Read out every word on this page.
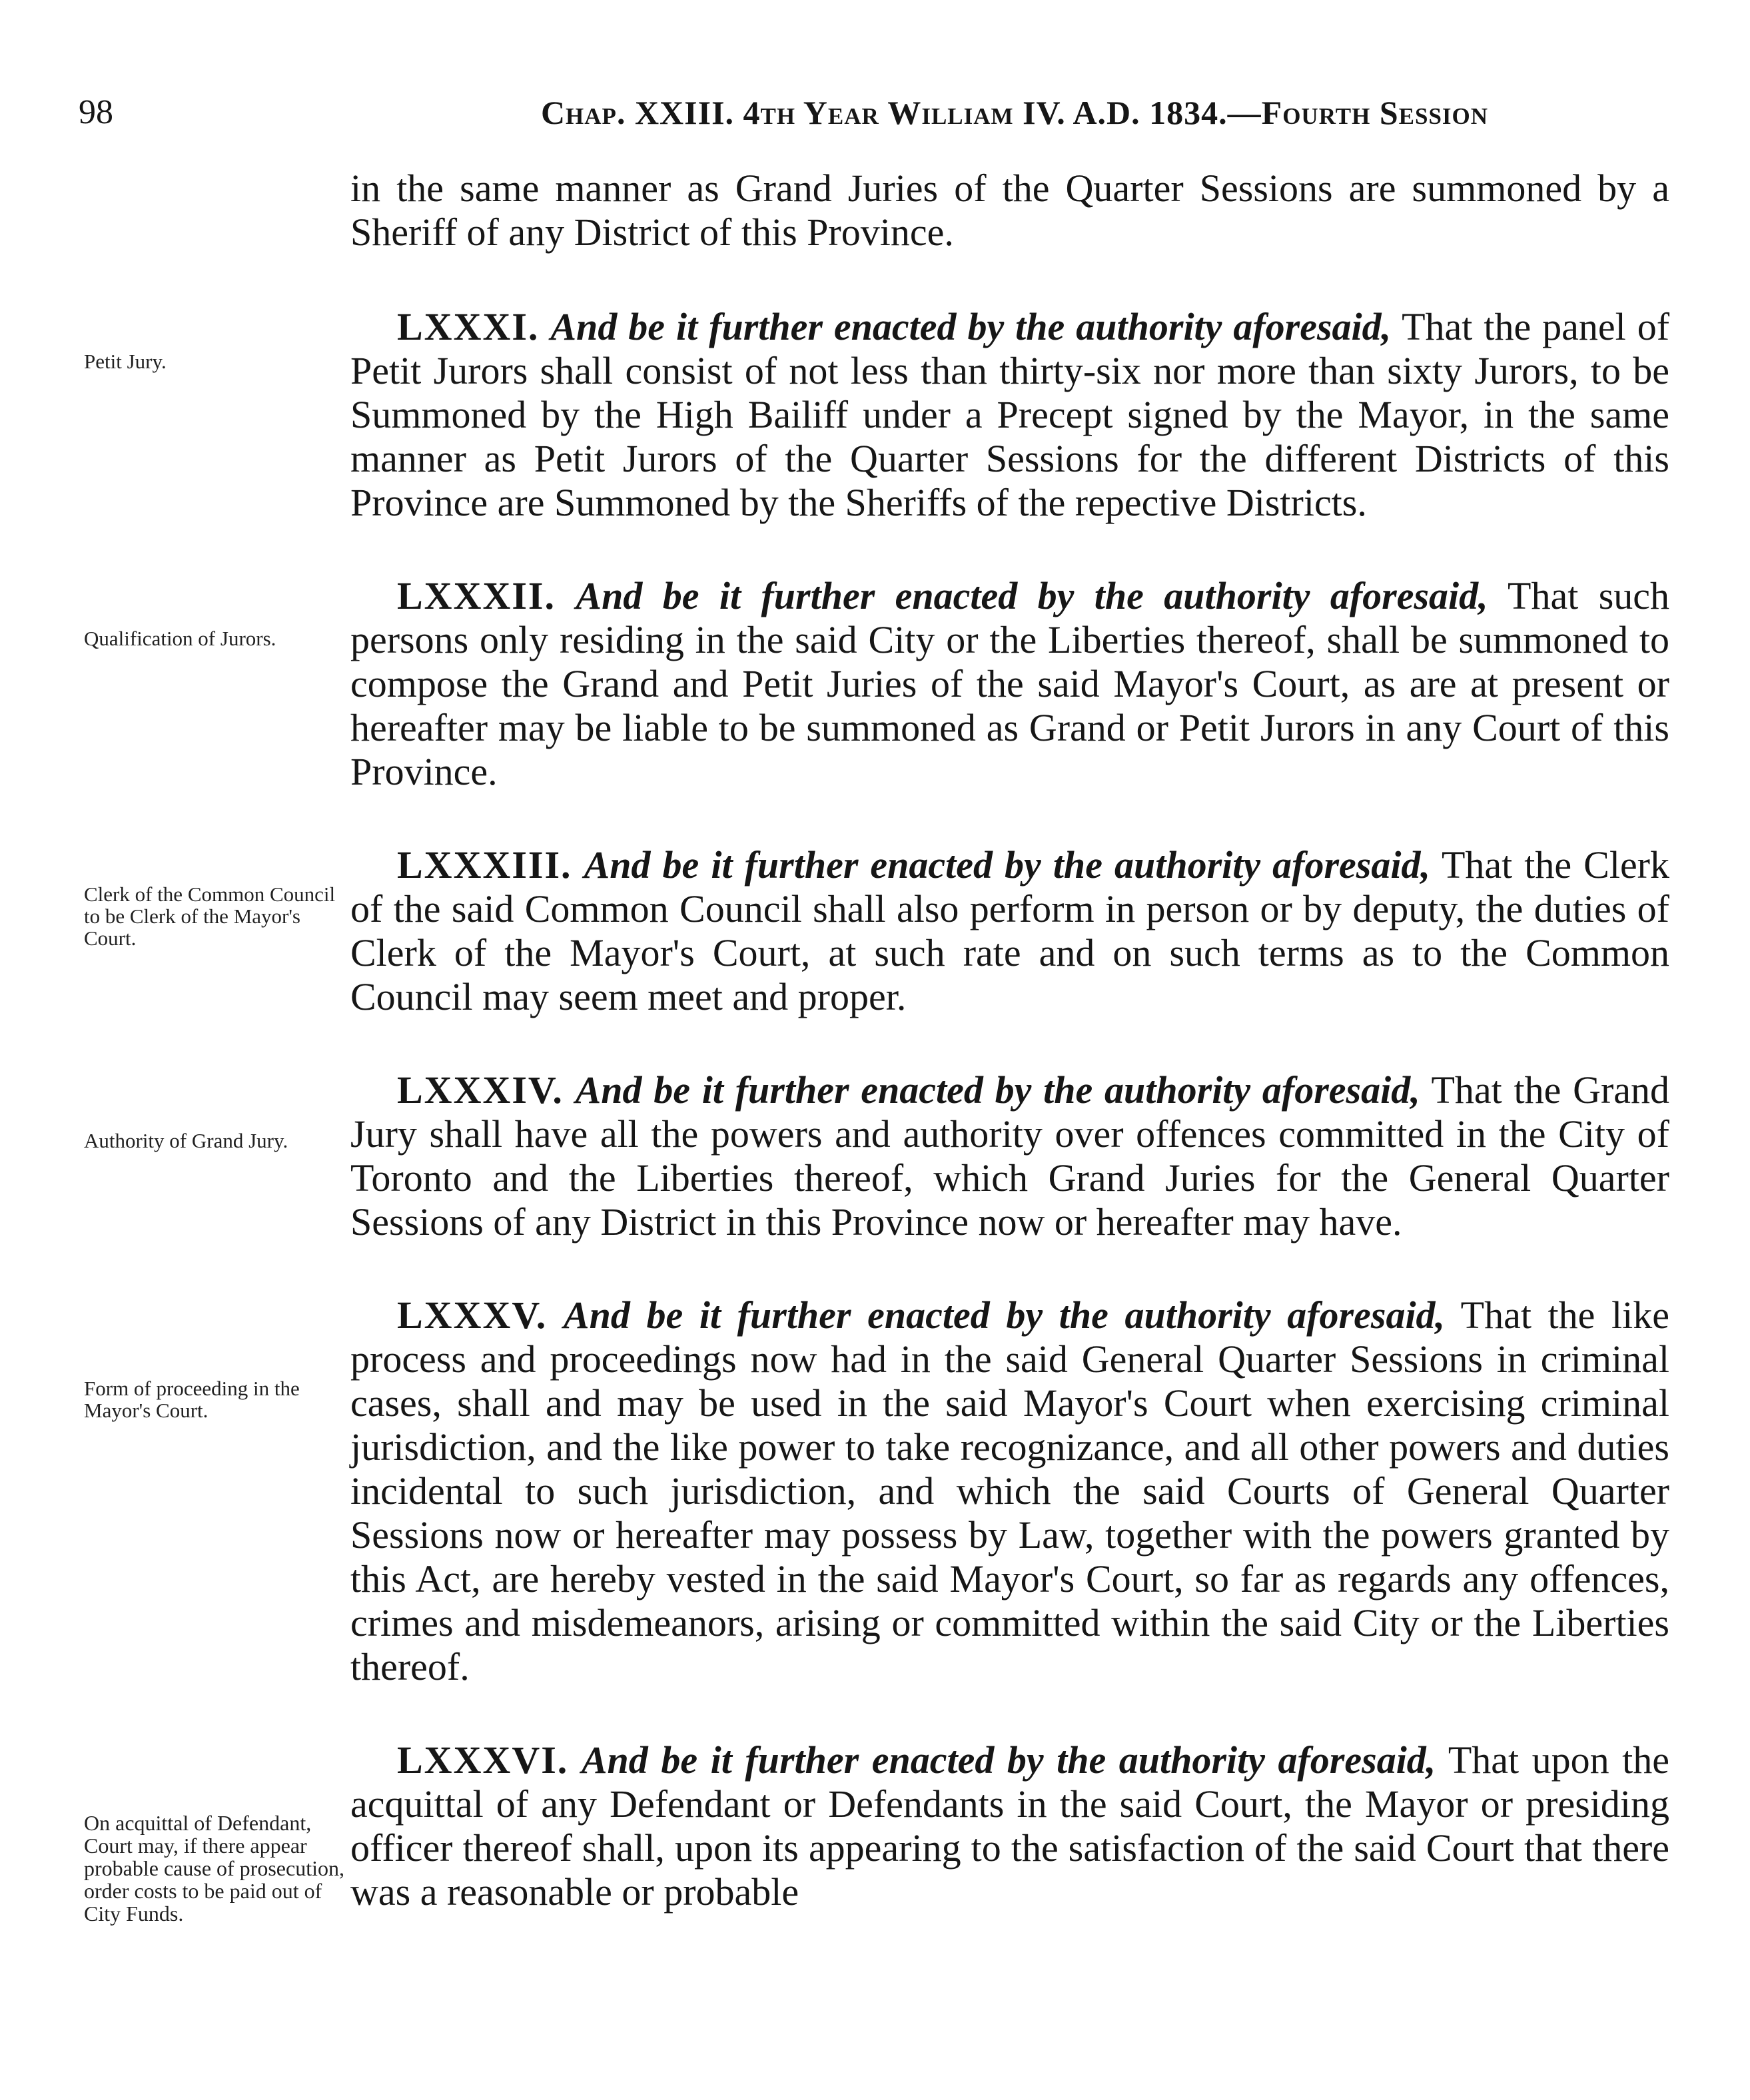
98	Chap. XXIII. 4th Year William IV. A.D. 1834.—Fourth Session
Petit Jury.
Qualification of Jurors.
Clerk of the Common Council to be Clerk of the Mayor's Court.
Authority of Grand Jury.
Form of proceeding in the Mayor's Court.
On acquittal of Defendant, Court may, if there appear probable cause of prosecution, order costs to be paid out of City Funds.

in the same manner as Grand Juries of the Quarter Sessions are summoned by a Sheriff of any District of this Province.

LXXXI. And be it further enacted by the authority aforesaid, That the panel of Petit Jurors shall consist of not less than thirty-six nor more than sixty Jurors, to be Summoned by the High Bailiff under a Precept signed by the Mayor, in the same manner as Petit Jurors of the Quarter Sessions for the different Districts of this Province are Summoned by the Sheriffs of the repective Districts.

LXXXII. And be it further enacted by the authority aforesaid, That such persons only residing in the said City or the Liberties thereof, shall be summoned to compose the Grand and Petit Juries of the said Mayor's Court, as are at present or hereafter may be liable to be summoned as Grand or Petit Jurors in any Court of this Province.

LXXXIII. And be it further enacted by the authority aforesaid, That the Clerk of the said Common Council shall also perform in person or by deputy, the duties of Clerk of the Mayor's Court, at such rate and on such terms as to the Common Council may seem meet and proper.

LXXXIV. And be it further enacted by the authority aforesaid, That the Grand Jury shall have all the powers and authority over offences committed in the City of Toronto and the Liberties thereof, which Grand Juries for the General Quarter Sessions of any District in this Province now or hereafter may have.

LXXXV. And be it further enacted by the authority aforesaid, That the like process and proceedings now had in the said General Quarter Sessions in criminal cases, shall and may be used in the said Mayor's Court when exercising criminal jurisdiction, and the like power to take recognizance, and all other powers and duties incidental to such jurisdiction, and which the said Courts of General Quarter Sessions now or hereafter may possess by Law, together with the powers granted by this Act, are hereby vested in the said Mayor's Court, so far as regards any offences, crimes and misdemeanors, arising or committed within the said City or the Liberties thereof.

LXXXVI. And be it further enacted by the authority aforesaid, That upon the acquittal of any Defendant or Defendants in the said Court, the Mayor or presiding officer thereof shall, upon its appearing to the satisfaction of the said Court that there was a reasonable or probable
